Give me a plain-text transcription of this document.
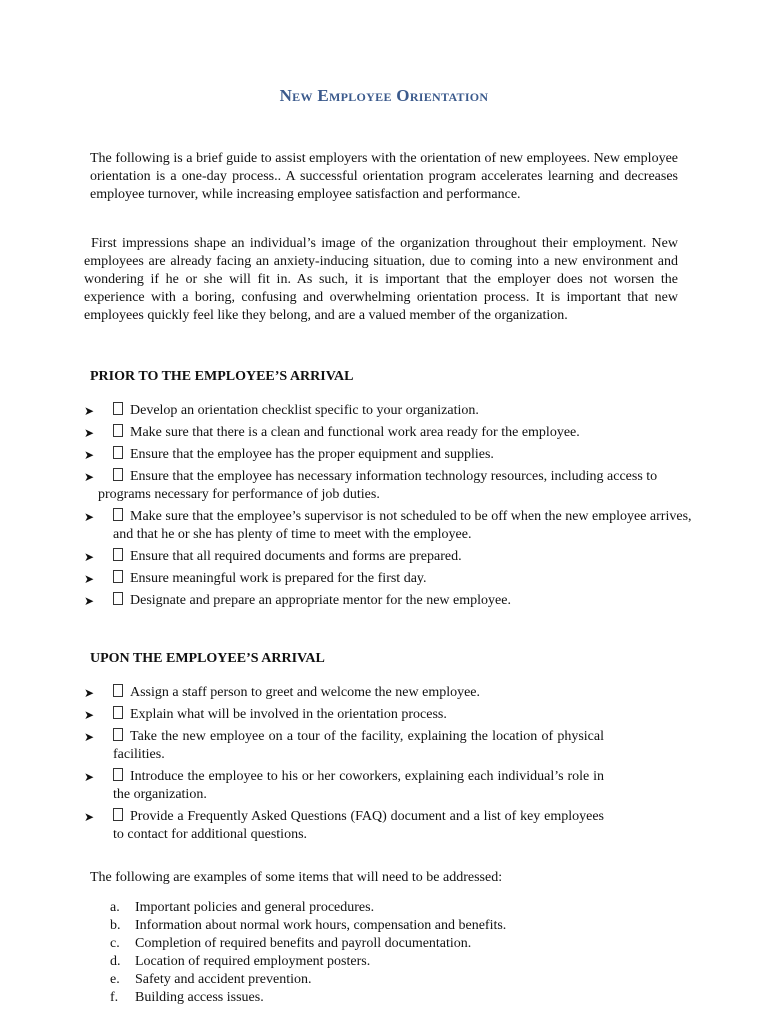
New Employee Orientation

The following is a brief guide to assist employers with the orientation of new employees. New employee orientation is a one-day process.. A successful orientation program accelerates learning and decreases employee turnover, while increasing employee satisfaction and performance.

First impressions shape an individual’s image of the organization throughout their employment. New employees are already facing an anxiety-inducing situation, due to coming into a new environment and wondering if he or she will fit in. As such, it is important that the employer does not worsen the experience with a boring, confusing and overwhelming orientation process. It is important that new employees quickly feel like they belong, and are a valued member of the organization.

PRIOR TO THE EMPLOYEE’S ARRIVAL
➤	Develop an orientation checklist specific to your organization.
➤	Make sure that there is a clean and functional work area ready for the employee.
➤	Ensure that the employee has the proper equipment and supplies.
➤	Ensure that the employee has necessary information technology resources, including access to programs necessary for performance of job duties.
➤	Make sure that the employee’s supervisor is not scheduled to be off when the new employee arrives, and that he or she has plenty of time to meet with the employee.
➤	Ensure that all required documents and forms are prepared.
➤	Ensure meaningful work is prepared for the first day.
➤	Designate and prepare an appropriate mentor for the new employee.
UPON THE EMPLOYEE’S ARRIVAL
➤	Assign a staff person to greet and welcome the new employee.
➤	Explain what will be involved in the orientation process.
➤	Take the new employee on a tour of the facility, explaining the location of physical facilities.
➤	Introduce the employee to his or her coworkers, explaining each individual’s role in the organization.
➤	Provide a Frequently Asked Questions (FAQ) document and a list of key employees to contact for additional questions.

The following are examples of some items that will need to be addressed:

a. Important policies and general procedures.
b. Information about normal work hours, compensation and benefits.
c. Completion of required benefits and payroll documentation.
d. Location of required employment posters.
e. Safety and accident prevention.
f. Building access issues.
